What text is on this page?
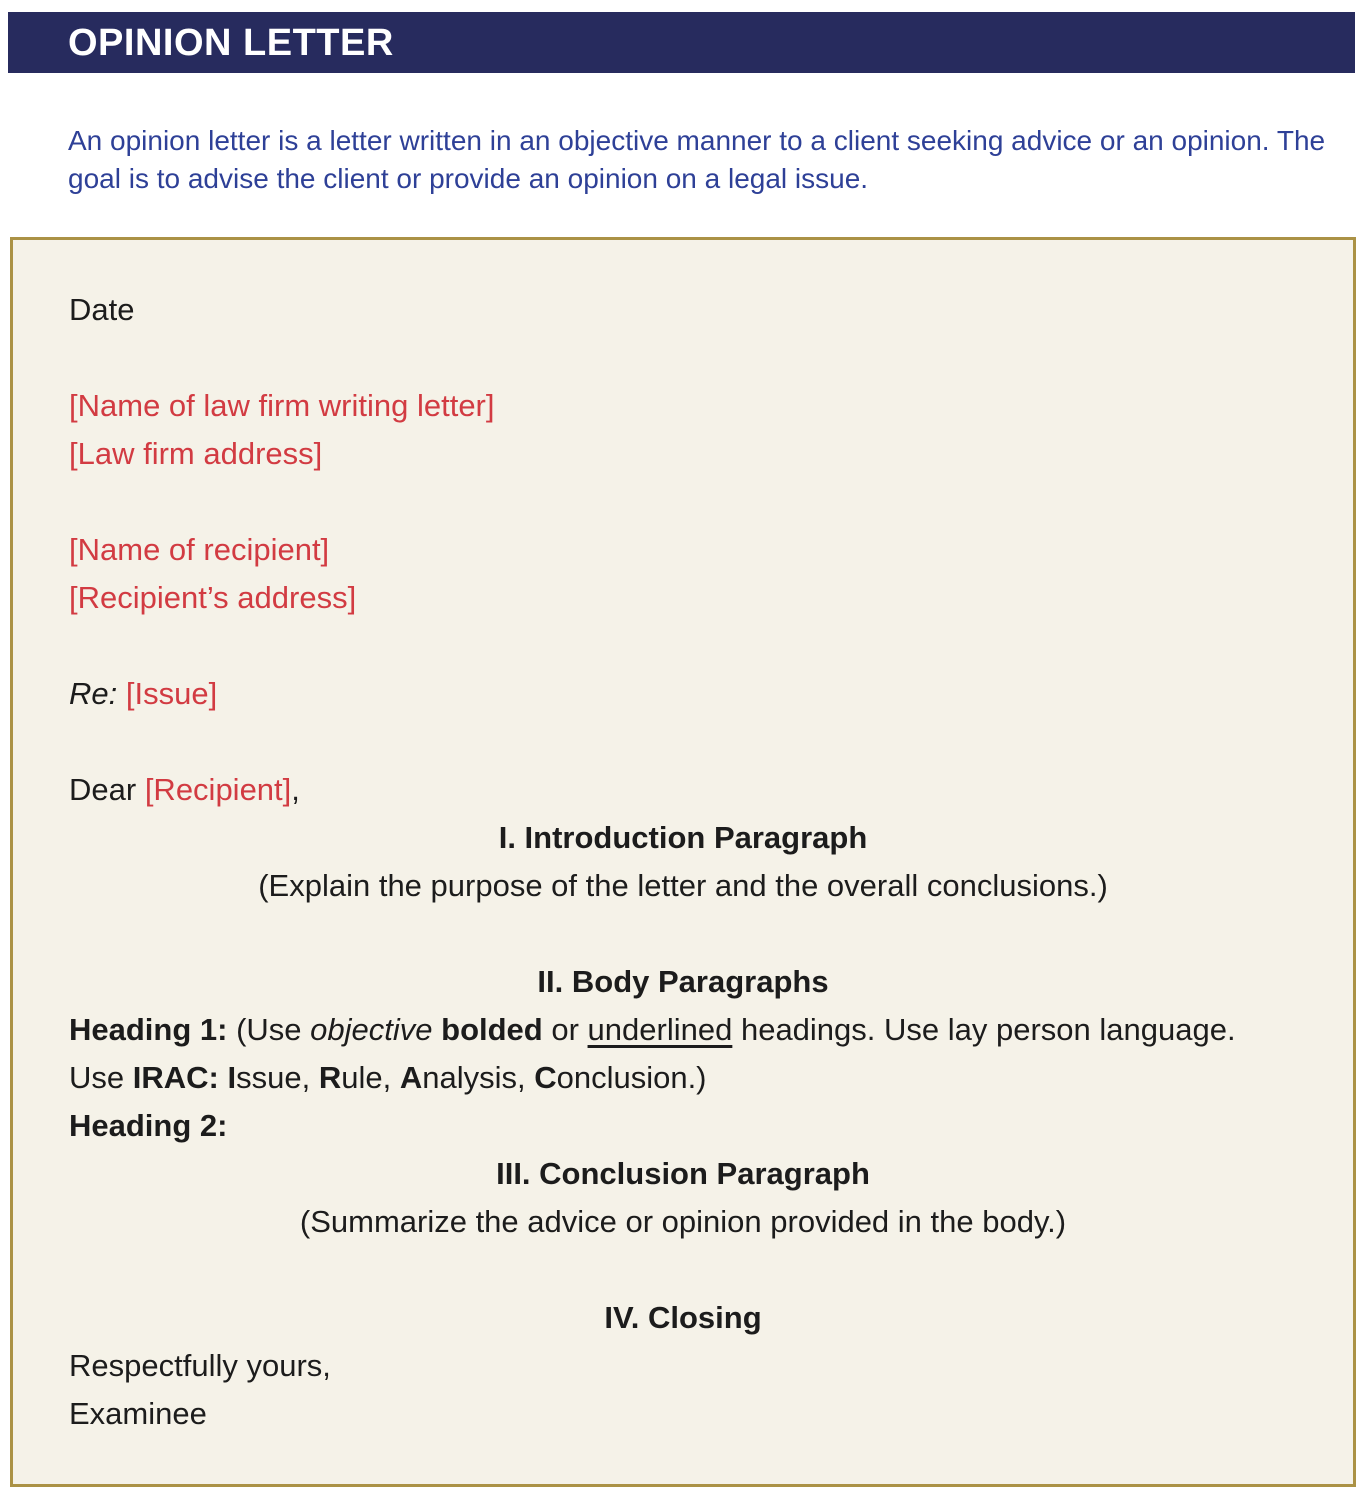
OPINION LETTER

An opinion letter is a letter written in an objective manner to a client seeking advice or an opinion. The goal is to advise the client or provide an opinion on a legal issue.

Date
[Name of law firm writing letter]
[Law firm address]
[Name of recipient]
[Recipient’s address]
Re: [Issue]
Dear [Recipient],
I. Introduction Paragraph
(Explain the purpose of the letter and the overall conclusions.)
II. Body Paragraphs
Heading 1: (Use objective bolded or underlined headings. Use lay person language.
Use IRAC: Issue, Rule, Analysis, Conclusion.)
Heading 2:
III. Conclusion Paragraph
(Summarize the advice or opinion provided in the body.)
IV. Closing
Respectfully yours,
Examinee
